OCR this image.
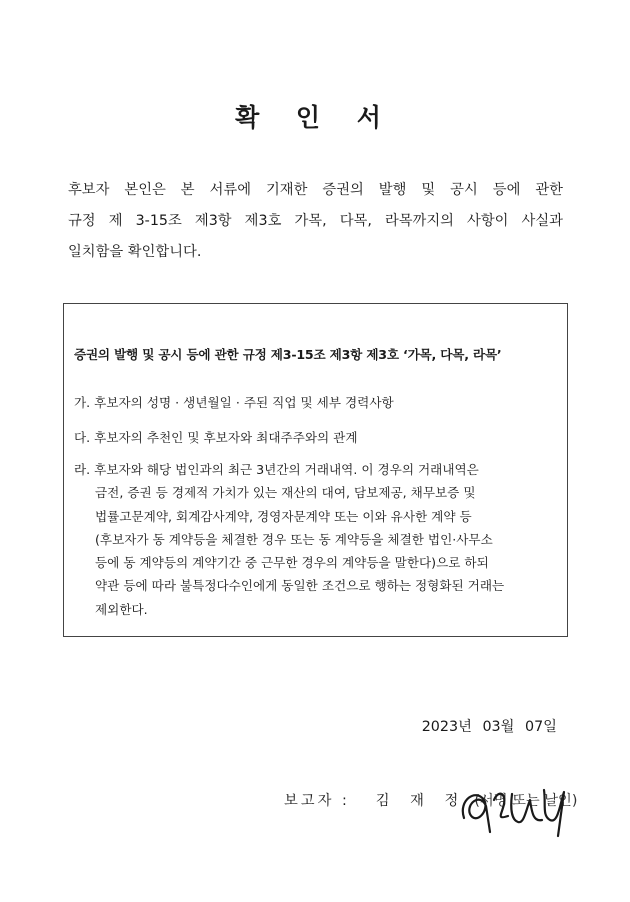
확 인 서
후보자 본인은 본 서류에 기재한 증권의 발행 및 공시 등에 관한
규정 제 3-15조 제3항 제3호 가목, 다목, 라목까지의 사항이 사실과
일치함을 확인합니다.
증권의 발행 및 공시 등에 관한 규정 제3-15조 제3항 제3호 ‘가목, 다목, 라목’
가. 후보자의 성명 · 생년월일 · 주된 직업 및 세부 경력사항
다. 후보자의 추천인 및 후보자와 최대주주와의 관계
라. 후보자와 해당 법인과의 최근 3년간의 거래내역. 이 경우의 거래내역은
금전, 증권 등 경제적 가치가 있는 재산의 대여, 담보제공, 채무보증 및
법률고문계약, 회계감사계약, 경영자문계약 또는 이와 유사한 계약 등
(후보자가 동 계약등을 체결한 경우 또는 동 계약등을 체결한 법인·사무소
등에 동 계약등의 계약기간 중 근무한 경우의 계약등을 말한다)으로 하되
약관 등에 따라 불특정다수인에게 동일한 조건으로 행하는 정형화된 거래는
제외한다.
2023년 03월 07일
보고자 : 김 재 정 (서명 또는 날인)
